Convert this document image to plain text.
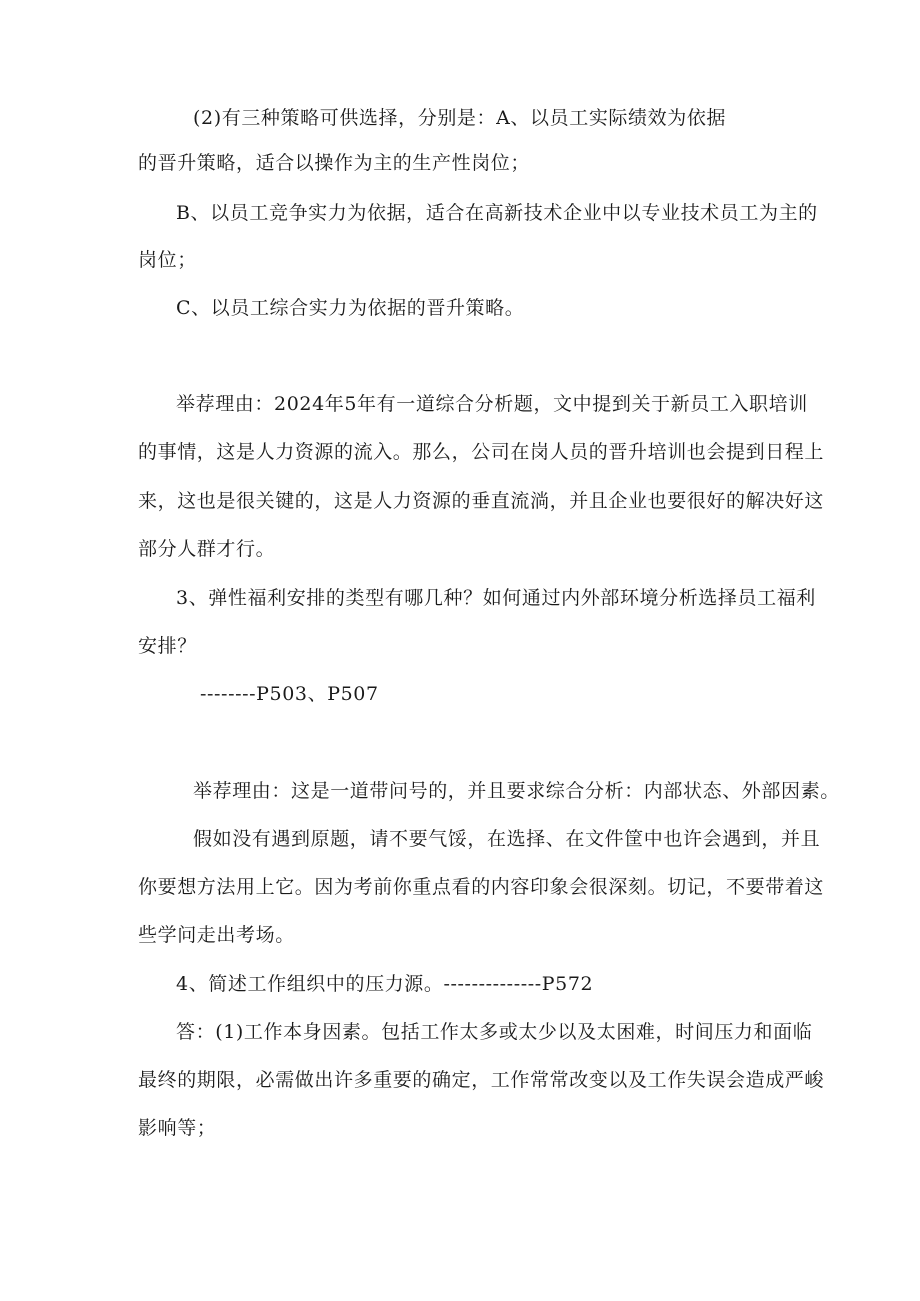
(2)有三种策略可供选择，分别是：A、以员工实际绩效为依据
的晋升策略，适合以操作为主的生产性岗位；
B、以员工竞争实力为依据，适合在高新技术企业中以专业技术员工为主的
岗位；
C、以员工综合实力为依据的晋升策略。
举荐理由：2024年5年有一道综合分析题，文中提到关于新员工入职培训
的事情，这是人力资源的流入。那么，公司在岗人员的晋升培训也会提到日程上
来，这也是很关键的，这是人力资源的垂直流淌，并且企业也要很好的解决好这
部分人群才行。
3、弹性福利安排的类型有哪几种？如何通过内外部环境分析选择员工福利
安排？
--------P503、P507
举荐理由：这是一道带问号的，并且要求综合分析：内部状态、外部因素。
假如没有遇到原题，请不要气馁，在选择、在文件筐中也许会遇到，并且
你要想方法用上它。因为考前你重点看的内容印象会很深刻。切记，不要带着这
些学问走出考场。
4、简述工作组织中的压力源。--------------P572
答：(1)工作本身因素。包括工作太多或太少以及太困难，时间压力和面临
最终的期限，必需做出许多重要的确定，工作常常改变以及工作失误会造成严峻
影响等；
